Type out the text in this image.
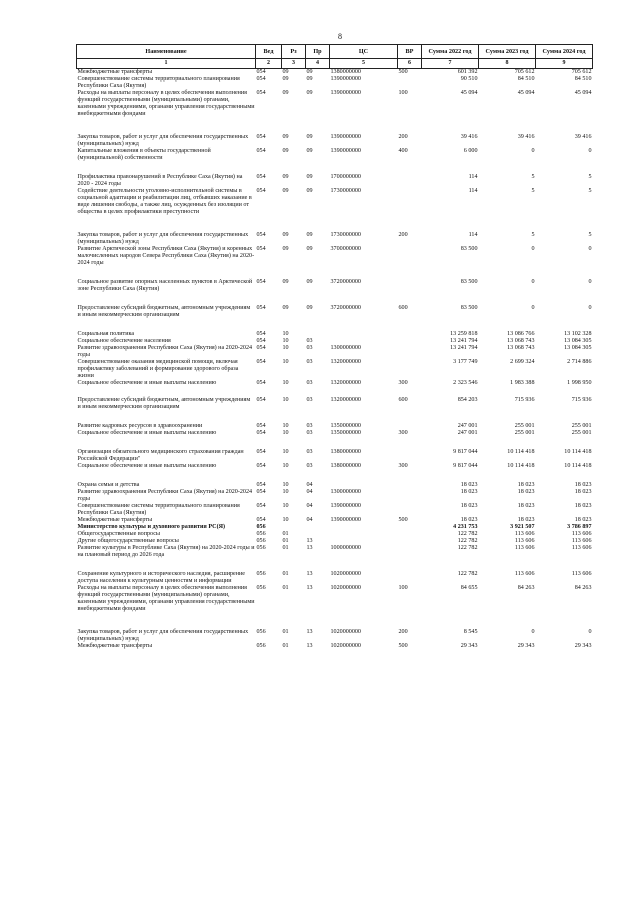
8
Наименование	Вед	Рз	Пр	ЦС	ВР	Сумма 2022 год	Сумма 2023 год	Сумма 2024 год
1	2	3	4	5	6	7	8	9
Межбюджетные трансферты	054	09	09	1380000000	500	601 392	705 612	705 612
Совершенствование системы территориального планирования Республики Саха (Якутия)	054	09	09	1390000000		90 510	84 510	84 510
Расходы на выплаты персоналу в целях обеспечения выполнения функций государственными (муниципальными) органами, казенными учреждениями, органами управления государственными внебюджетными фондами	054	09	09	1390000000	100	45 094	45 094	45 094
Закупка товаров, работ и услуг для обеспечения государственных (муниципальных) нужд	054	09	09	1390000000	200	39 416	39 416	39 416
Капитальные вложения в объекты государственной (муниципальной) собственности	054	09	09	1390000000	400	6 000	0	0
Профилактика правонарушений в Республике Саха (Якутия) на 2020 - 2024 годы	054	09	09	1700000000		114	5	5
Содействие деятельности уголовно-исполнительной системы в социальной адаптации и реабилитации лиц, отбывших наказание в виде лишения свободы, а также лиц, осужденных без изоляции от общества в целях профилактики преступности	054	09	09	1730000000		114	5	5
Закупка товаров, работ и услуг для обеспечения государственных (муниципальных) нужд	054	09	09	1730000000	200	114	5	5
Развитие Арктической зоны Республики Саха (Якутия) и коренных малочисленных народов Севера Республики Саха (Якутия) на 2020-2024 годы	054	09	09	3700000000		83 500	0	0
Социальное развитие опорных населенных пунктов в Арктической зоне Республики Саха (Якутия)	054	09	09	3720000000		83 500	0	0
Предоставление субсидий бюджетным, автономным учреждениям и иным некоммерческим организациям	054	09	09	3720000000	600	83 500	0	0
Социальная политика	054	10				13 259 818	13 086 766	13 102 328
Социальное обеспечение населения	054	10	03			13 241 794	13 068 743	13 084 305
Развитие здравоохранения Республики Саха (Якутия) на 2020-2024 годы	054	10	03	1300000000		13 241 794	13 068 743	13 084 305
Совершенствование оказания медицинской помощи, включая профилактику заболеваний и формирование здорового образа жизни	054	10	03	1320000000		3 177 749	2 699 324	2 714 886
Социальное обеспечение и иные выплаты населению	054	10	03	1320000000	300	2 323 546	1 983 388	1 998 950
Предоставление субсидий бюджетным, автономным учреждениям и иным некоммерческим организациям	054	10	03	1320000000	600	854 203	715 936	715 936
Развитие кадровых ресурсов в здравоохранении	054	10	03	1350000000		247 001	255 001	255 001
Социальное обеспечение и иные выплаты населению	054	10	03	1350000000	300	247 001	255 001	255 001
Организация обязательного медицинского страхования граждан Российской Федерации"	054	10	03	1380000000		9 817 044	10 114 418	10 114 418
Социальное обеспечение и иные выплаты населению	054	10	03	1380000000	300	9 817 044	10 114 418	10 114 418
Охрана семьи и детства	054	10	04			18 023	18 023	18 023
Развитие здравоохранения Республики Саха (Якутия) на 2020-2024 годы	054	10	04	1300000000		18 023	18 023	18 023
Совершенствование системы территориального планирования Республики Саха (Якутия)	054	10	04	1390000000		18 023	18 023	18 023
Межбюджетные трансферты	054	10	04	1390000000	500	18 023	18 023	18 023
Министерство культуры и духовного развития РС(Я)	056					4 231 753	3 921 507	3 786 897
Общегосударственные вопросы	056	01				122 782	113 606	113 606
Другие общегосударственные вопросы	056	01	13			122 782	113 606	113 606
Развитие культуры в Республике Саха (Якутия) на 2020-2024 годы и на плановый период до 2026 года	056	01	13	1000000000		122 782	113 606	113 606
Сохранение культурного и исторического наследия, расширение доступа населения к культурным ценностям и информации	056	01	13	1020000000		122 782	113 606	113 606
Расходы на выплаты персоналу в целях обеспечения выполнения функций государственными (муниципальными) органами, казенными учреждениями, органами управления государственными внебюджетными фондами	056	01	13	1020000000	100	84 655	84 263	84 263
Закупка товаров, работ и услуг для обеспечения государственных (муниципальных) нужд	056	01	13	1020000000	200	8 545	0	0
Межбюджетные трансферты	056	01	13	1020000000	500	29 343	29 343	29 343
